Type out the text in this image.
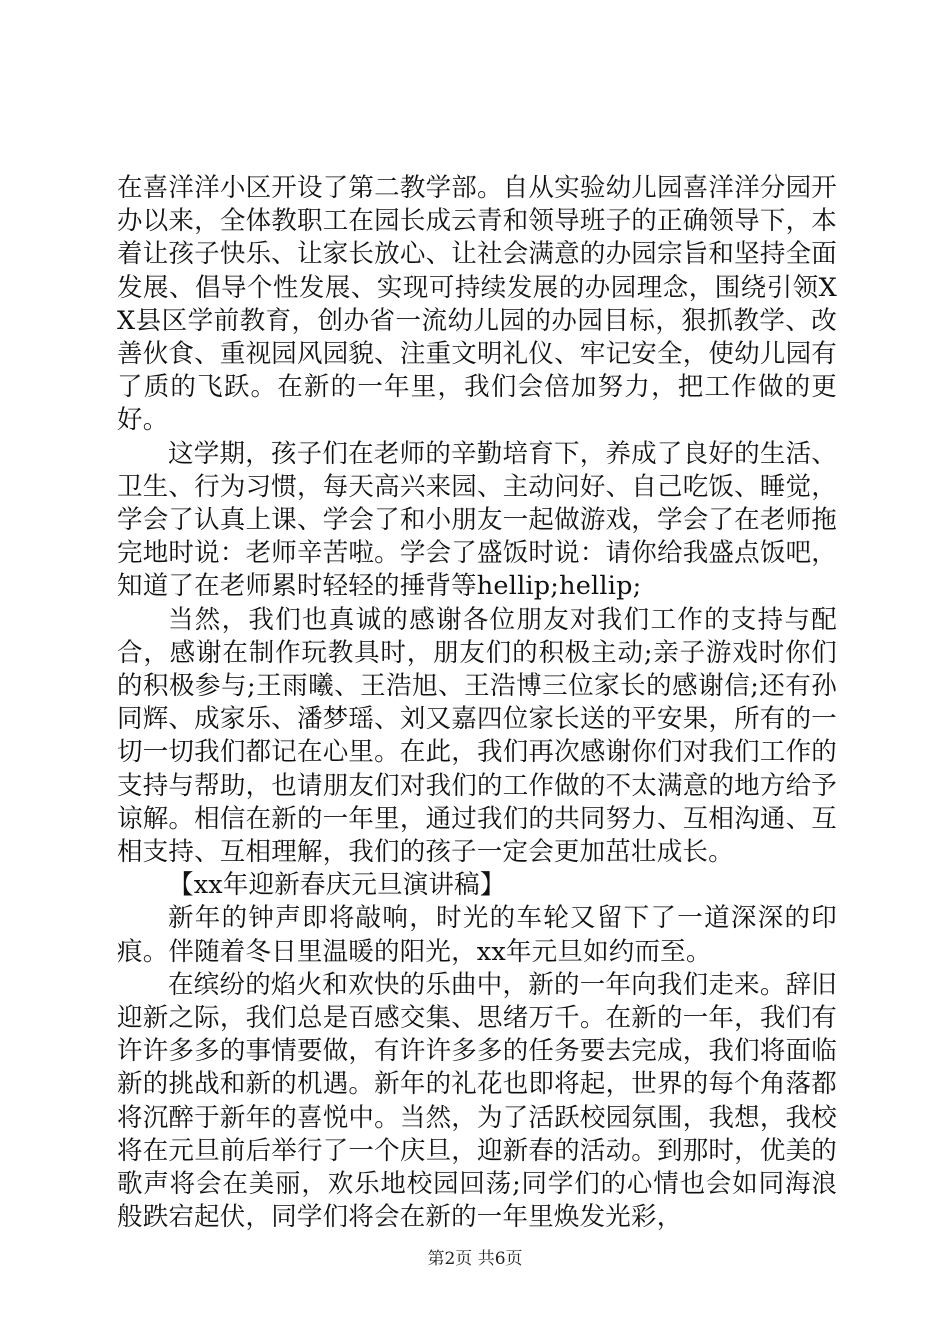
在喜洋洋小区开设了第二教学部。自从实验幼儿园喜洋洋分园开办以来，全体教职工在园长成云青和领导班子的正确领导下，本着让孩子快乐、让家长放心、让社会满意的办园宗旨和坚持全面发展、倡导个性发展、实现可持续发展的办园理念，围绕引领XX县区学前教育，创办省一流幼儿园的办园目标，狠抓教学、改善伙食、重视园风园貌、注重文明礼仪、牢记安全，使幼儿园有了质的飞跃。在新的一年里，我们会倍加努力，把工作做的更好。

这学期，孩子们在老师的辛勤培育下，养成了良好的生活、卫生、行为习惯，每天高兴来园、主动问好、自己吃饭、睡觉，学会了认真上课、学会了和小朋友一起做游戏，学会了在老师拖完地时说：老师辛苦啦。学会了盛饭时说：请你给我盛点饭吧，知道了在老师累时轻轻的捶背等hellip;hellip;

当然，我们也真诚的感谢各位朋友对我们工作的支持与配合，感谢在制作玩教具时，朋友们的积极主动;亲子游戏时你们的积极参与;王雨曦、王浩旭、王浩博三位家长的感谢信;还有孙同辉、成家乐、潘梦瑶、刘又嘉四位家长送的平安果，所有的一切一切我们都记在心里。在此，我们再次感谢你们对我们工作的支持与帮助，也请朋友们对我们的工作做的不太满意的地方给予谅解。相信在新的一年里，通过我们的共同努力、互相沟通、互相支持、互相理解，我们的孩子一定会更加茁壮成长。

【xx年迎新春庆元旦演讲稿】

新年的钟声即将敲响，时光的车轮又留下了一道深深的印痕。伴随着冬日里温暖的阳光，xx年元旦如约而至。

在缤纷的焰火和欢快的乐曲中，新的一年向我们走来。辞旧迎新之际，我们总是百感交集、思绪万千。在新的一年，我们有许许多多的事情要做，有许许多多的任务要去完成，我们将面临新的挑战和新的机遇。新年的礼花也即将起，世界的每个角落都将沉醉于新年的喜悦中。当然，为了活跃校园氛围，我想，我校将在元旦前后举行了一个庆旦，迎新春的活动。到那时，优美的歌声将会在美丽，欢乐地校园回荡;同学们的心情也会如同海浪般跌宕起伏，同学们将会在新的一年里焕发光彩，

第2页 共6页
